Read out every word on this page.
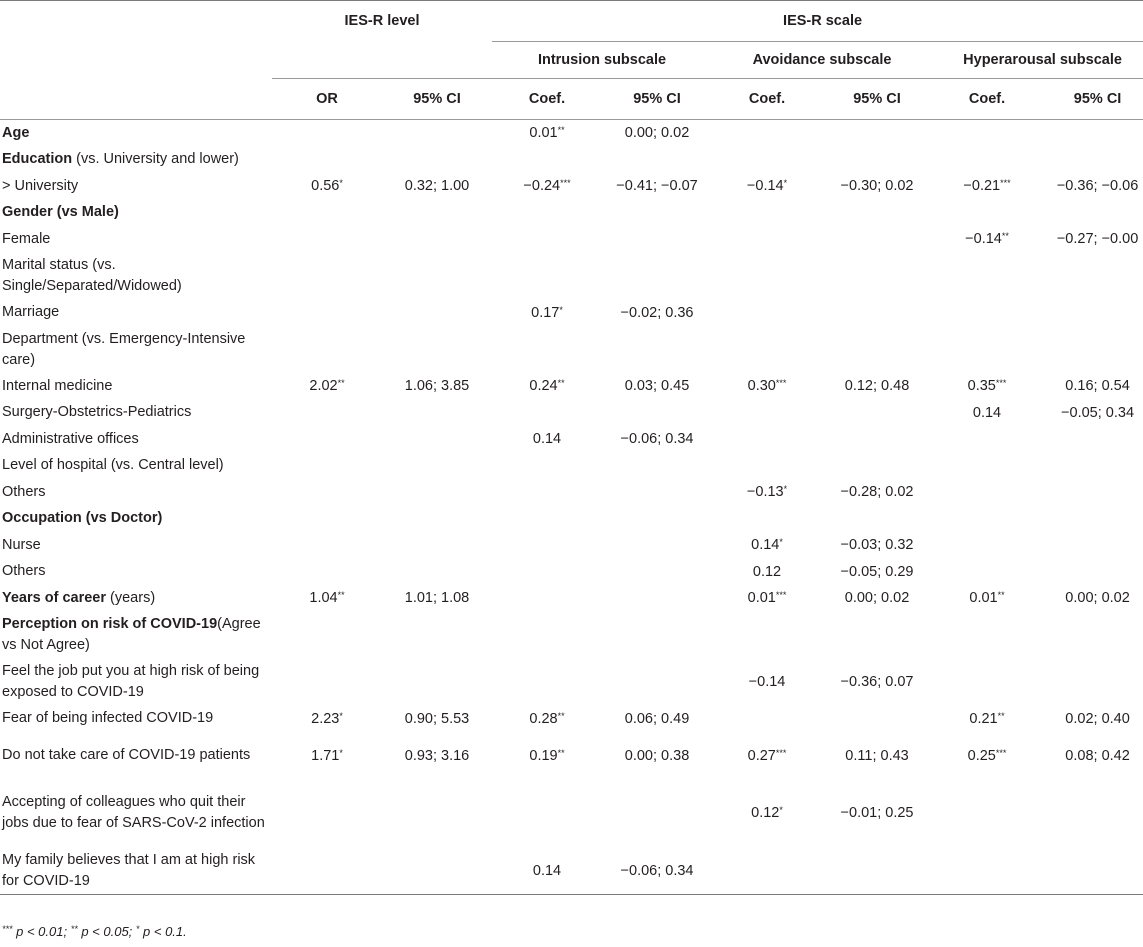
	IES-R level		IES-R scale					
			Intrusion subscale		Avoidance subscale		Hyperarousal subscale	
	OR	95% CI	Coef.	95% CI	Coef.	95% CI	Coef.	95% CI
Age			0.01**	0.00; 0.02				
Education (vs. University and lower)								
> University	0.56*	0.32; 1.00	−0.24***	−0.41; −0.07	−0.14*	−0.30; 0.02	−0.21***	−0.36; −0.06
Gender (vs Male)								
Female							−0.14**	−0.27; −0.00
Marital status (vs. Single/Separated/Widowed)								
Marriage			0.17*	−0.02; 0.36				
Department (vs. Emergency-Intensive care)								
Internal medicine	2.02**	1.06; 3.85	0.24**	0.03; 0.45	0.30***	0.12; 0.48	0.35***	0.16; 0.54
Surgery-Obstetrics-Pediatrics							0.14	−0.05; 0.34
Administrative offices			0.14	−0.06; 0.34				
Level of hospital (vs. Central level)								
Others					−0.13*	−0.28; 0.02		
Occupation (vs Doctor)								
Nurse					0.14*	−0.03; 0.32		
Others					0.12	−0.05; 0.29		
Years of career (years)	1.04**	1.01; 1.08			0.01***	0.00; 0.02	0.01**	0.00; 0.02
Perception on risk of COVID-19(Agree vs Not Agree)								
Feel the job put you at high risk of being exposed to COVID-19					−0.14	−0.36; 0.07		
Fear of being infected COVID-19	2.23*	0.90; 5.53	0.28**	0.06; 0.49			0.21**	0.02; 0.40
Do not take care of COVID-19 patients	1.71*	0.93; 3.16	0.19**	0.00; 0.38	0.27***	0.11; 0.43	0.25***	0.08; 0.42
Accepting of colleagues who quit their jobs due to fear of SARS-CoV-2 infection					0.12*	−0.01; 0.25		
My family believes that I am at high risk for COVID-19			0.14	−0.06; 0.34				
*** p < 0.01; ** p < 0.05; * p < 0.1.
